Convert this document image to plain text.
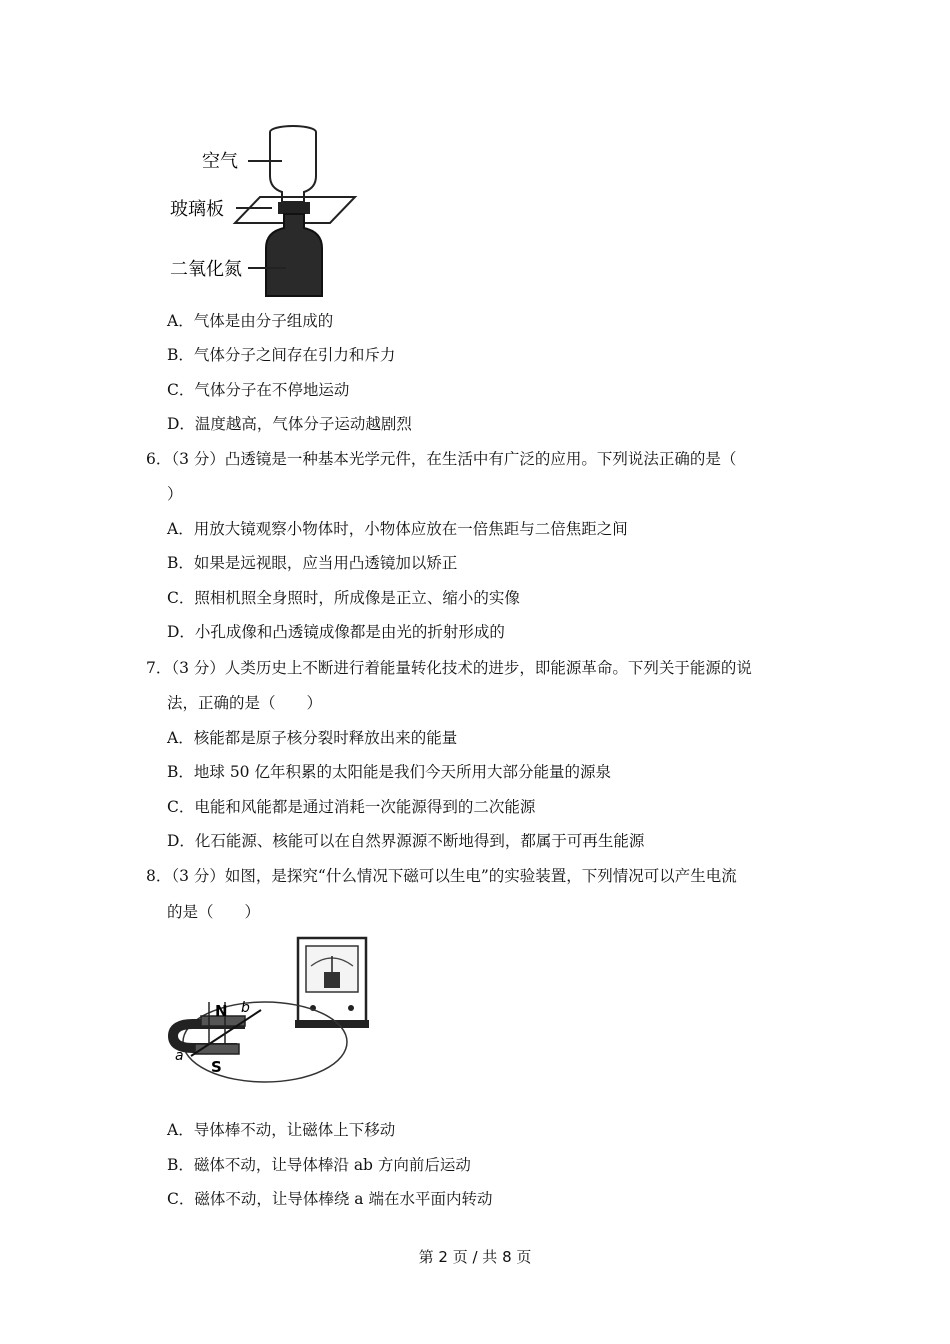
空气
玻璃板
二氧化氮
A．气体是由分子组成的
B．气体分子之间存在引力和斥力
C．气体分子在不停地运动
D．温度越高，气体分子运动越剧烈
6．（3 分）凸透镜是一种基本光学元件，在生活中有广泛的应用。下列说法正确的是（
）
A．用放大镜观察小物体时，小物体应放在一倍焦距与二倍焦距之间
B．如果是远视眼，应当用凸透镜加以矫正
C．照相机照全身照时，所成像是正立、缩小的实像
D．小孔成像和凸透镜成像都是由光的折射形成的
7．（3 分）人类历史上不断进行着能量转化技术的进步，即能源革命。下列关于能源的说
法，正确的是（　　）
A．核能都是原子核分裂时释放出来的能量
B．地球 50 亿年积累的太阳能是我们今天所用大部分能量的源泉
C．电能和风能都是通过消耗一次能源得到的二次能源
D．化石能源、核能可以在自然界源源不断地得到，都属于可再生能源
8．（3 分）如图，是探究“什么情况下磁可以生电”的实验装置，下列情况可以产生电流
的是（　　）
N
S
a
b
A．导体棒不动，让磁体上下移动
B．磁体不动，让导体棒沿 ab 方向前后运动
C．磁体不动，让导体棒绕 a 端在水平面内转动
第 2 页 / 共 8 页
